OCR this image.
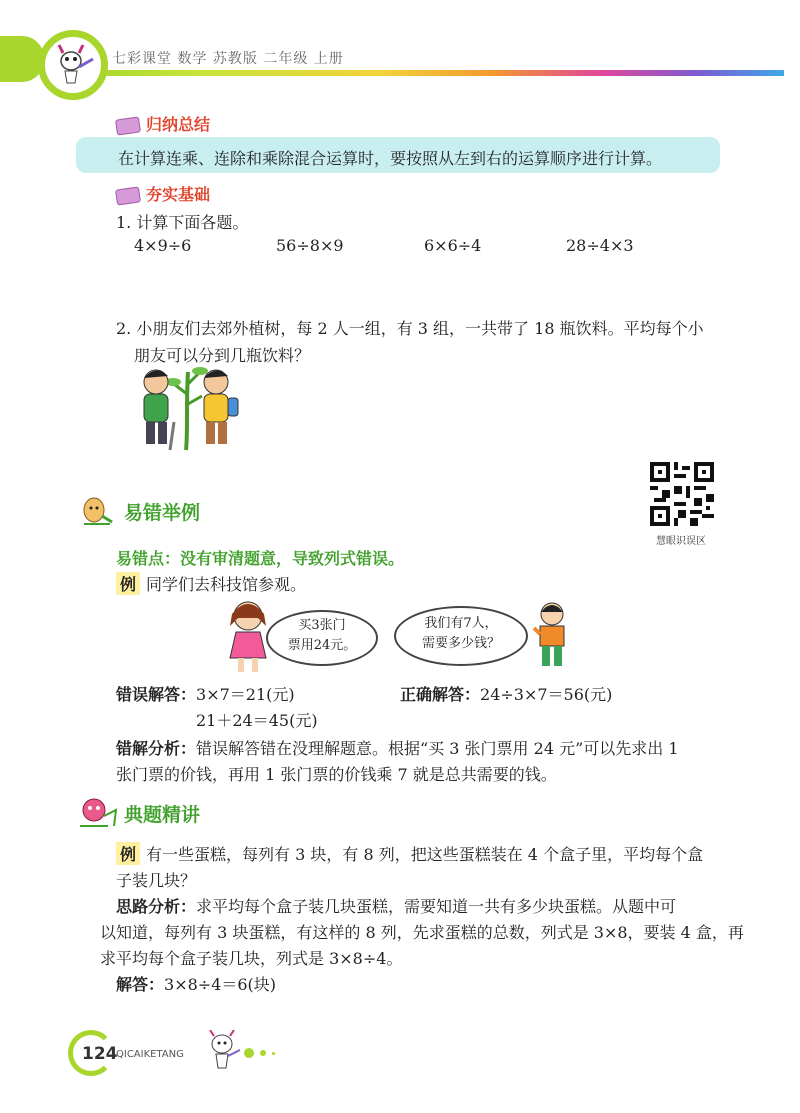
七彩课堂 数学 苏教版 二年级 上册
归纳总结
在计算连乘、连除和乘除混合运算时，要按照从左到右的运算顺序进行计算。
夯实基础
1. 计算下面各题。
4×9÷6	56÷8×9	6×6÷4	28÷4×3
2. 小朋友们去郊外植树，每 2 人一组，有 3 组，一共带了 18 瓶饮料。平均每个小
朋友可以分到几瓶饮料？
慧眼识误区
易错举例
易错点：没有审清题意，导致列式错误。
例 同学们去科技馆参观。
买3张门
票用24元。
我们有7人，
需要多少钱？
错误解答：3×7＝21(元)
21＋24＝45(元)
正确解答：24÷3×7＝56(元)
错解分析：错误解答错在没理解题意。根据“买 3 张门票用 24 元”可以先求出 1
张门票的价钱，再用 1 张门票的价钱乘 7 就是总共需要的钱。
典题精讲
例 有一些蛋糕，每列有 3 块，有 8 列，把这些蛋糕装在 4 个盒子里，平均每个盒
子装几块？
思路分析：求平均每个盒子装几块蛋糕，需要知道一共有多少块蛋糕。从题中可
以知道，每列有 3 块蛋糕，有这样的 8 列，先求蛋糕的总数，列式是 3×8，要装 4 盒，再
求平均每个盒子装几块，列式是 3×8÷4。
解答：3×8÷4＝6(块)
124
QICAIKETANG
